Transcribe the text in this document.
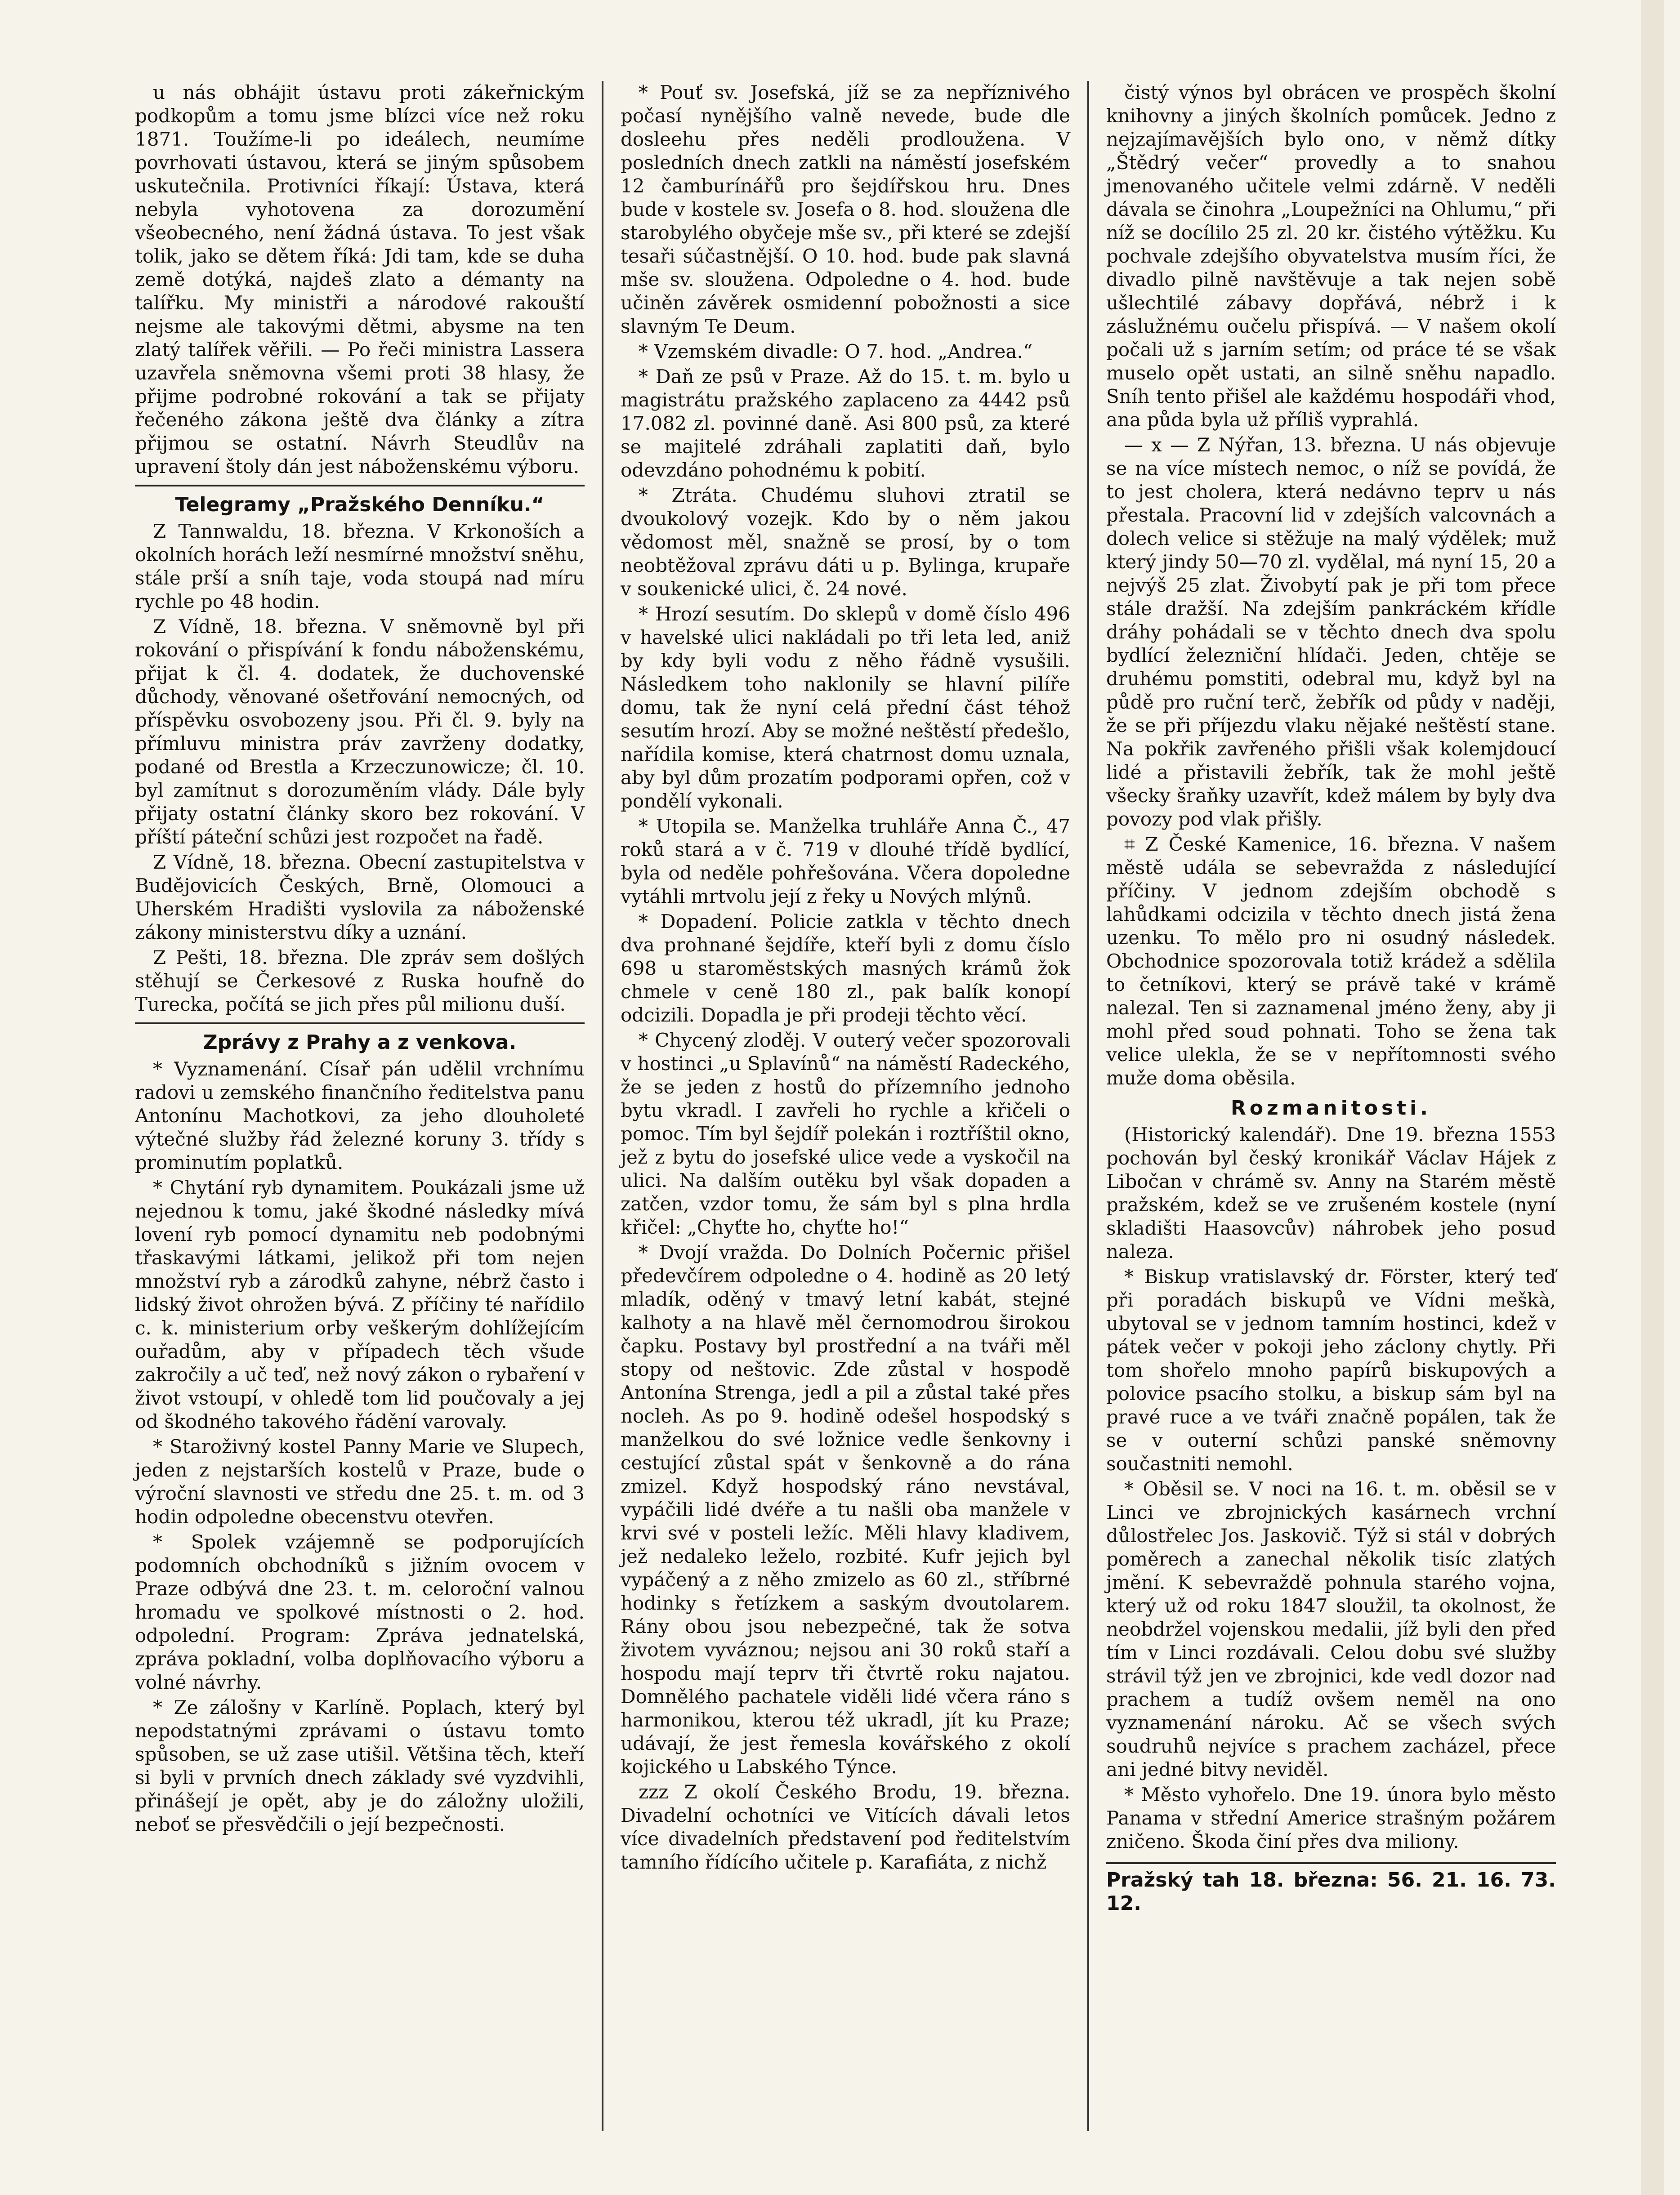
u nás obhájit ústavu proti zákeřnickým podkopům a tomu jsme blízci více než roku 1871. Toužíme-li po ideálech, neumíme povrhovati ústavou, která se jiným spůsobem uskutečnila. Protivníci říkají: Ústava, která nebyla vyhotovena za dorozumění všeobecného, není žádná ústava. To jest však tolik, jako se dětem říká: Jdi tam, kde se duha země dotýká, najdeš zlato a démanty na talířku. My ministři a národové rakouští nejsme ale takovými dětmi, abysme na ten zlatý talířek věřili. — Po řeči ministra Lassera uzavřela sněmovna všemi proti 38 hlasy, že přijme podrobné rokování a tak se přijaty řečeného zákona ještě dva články a zítra přijmou se ostatní. Návrh Steudlův na upravení štoly dán jest náboženskému výboru.

Telegramy „Pražského Denníku.“

Z Tannwaldu, 18. března. V Krkonoších a okolních horách leží nesmírné množství sněhu, stále prší a sníh taje, voda stoupá nad míru rychle po 48 hodin.

Z Vídně, 18. března. V sněmovně byl při rokování o přispívání k fondu náboženskému, přijat k čl. 4. dodatek, že duchovenské důchody, věnované ošetřování nemocných, od příspěvku osvobozeny jsou. Při čl. 9. byly na přímluvu ministra práv zavrženy dodatky, podané od Brestla a Krzeczunowicze; čl. 10. byl zamítnut s dorozuměním vlády. Dále byly přijaty ostatní články skoro bez rokování. V příští páteční schůzi jest rozpočet na řadě.

Z Vídně, 18. března. Obecní zastupitelstva v Budějovicích Českých, Brně, Olomouci a Uherském Hradišti vyslovila za náboženské zákony ministerstvu díky a uznání.

Z Pešti, 18. března. Dle zpráv sem došlých stěhují se Čerkesové z Ruska houfně do Turecka, počítá se jich přes půl milionu duší.

Zprávy z Prahy a z venkova.

* Vyznamenání. Císař pán udělil vrchnímu radovi u zemského finančního ředitelstva panu Antonínu Machotkovi, za jeho dlouholeté výtečné služby řád železné koruny 3. třídy s prominutím poplatků.

* Chytání ryb dynamitem. Poukázali jsme už nejednou k tomu, jaké škodné následky mívá lovení ryb pomocí dynamitu neb podobnými třaskavými látkami, jelikož při tom nejen množství ryb a zárodků zahyne, nébrž často i lidský život ohrožen bývá. Z příčiny té nařídilo c. k. ministerium orby veškerým dohlížejícím ouřadům, aby v případech těch všude zakročily a uč teď, než nový zákon o rybaření v život vstoupí, v ohledě tom lid poučovaly a jej od škodného takového řádění varovaly.

* Staroživný kostel Panny Marie ve Slupech, jeden z nejstarších kostelů v Praze, bude o výroční slavnosti ve středu dne 25. t. m. od 3 hodin odpoledne obecenstvu otevřen.

* Spolek vzájemně se podporujících podomních obchodníků s jižním ovocem v Praze odbývá dne 23. t. m. celoroční valnou hromadu ve spolkové místnosti o 2. hod. odpolední. Program: Zpráva jednatelská, zpráva pokladní, volba doplňovacího výboru a volné návrhy.

* Ze zálošny v Karlíně. Poplach, který byl nepodstatnými zprávami o ústavu tomto spůsoben, se už zase utišil. Většina těch, kteří si byli v prvních dnech základy své vyzdvihli, přinášejí je opět, aby je do záložny uložili, neboť se přesvědčili o její bezpečnosti.

* Pouť sv. Josefská, jíž se za nepříznivého počasí nynějšího valně nevede, bude dle dosleehu přes neděli prodloužena. V posledních dnech zatkli na náměstí josefském 12 čamburínářů pro šejdířskou hru. Dnes bude v kostele sv. Josefa o 8. hod. sloužena dle starobylého obyčeje mše sv., při které se zdejší tesaři súčastnější. O 10. hod. bude pak slavná mše sv. sloužena. Odpoledne o 4. hod. bude učiněn závěrek osmidenní pobožnosti a sice slavným Te Deum.

* Vzemském divadle: O 7. hod. „Andrea.“

* Daň ze psů v Praze. Až do 15. t. m. bylo u magistrátu pražského zaplaceno za 4442 psů 17.082 zl. povinné daně. Asi 800 psů, za které se majitelé zdráhali zaplatiti daň, bylo odevzdáno pohodnému k pobití.

* Ztráta. Chudému sluhovi ztratil se dvoukolový vozejk. Kdo by o něm jakou vědomost měl, snažně se prosí, by o tom neobtěžoval zprávu dáti u p. Bylinga, krupaře v soukenické ulici, č. 24 nové.

* Hrozí sesutím. Do sklepů v domě číslo 496 v havelské ulici nakládali po tři leta led, aniž by kdy byli vodu z něho řádně vysušili. Následkem toho naklonily se hlavní pilíře domu, tak že nyní celá přední část téhož sesutím hrozí. Aby se možné neštěstí předešlo, nařídila komise, která chatrnost domu uznala, aby byl dům prozatím podporami opřen, což v pondělí vykonali.

* Utopila se. Manželka truhláře Anna Č., 47 roků stará a v č. 719 v dlouhé třídě bydlící, byla od neděle pohřešována. Včera dopoledne vytáhli mrtvolu její z řeky u Nových mlýnů.

* Dopadení. Policie zatkla v těchto dnech dva prohnané šejdíře, kteří byli z domu číslo 698 u staroměstských masných krámů žok chmele v ceně 180 zl., pak balík konopí odcizili. Dopadla je při prodeji těchto věcí.

* Chycený zloděj. V outerý večer spozorovali v hostinci „u Splavínů“ na náměstí Radeckého, že se jeden z hostů do přízemního jednoho bytu vkradl. I zavřeli ho rychle a křičeli o pomoc. Tím byl šejdíř polekán i roztříštil okno, jež z bytu do josefské ulice vede a vyskočil na ulici. Na dalším outěku byl však dopaden a zatčen, vzdor tomu, že sám byl s plna hrdla křičel: „Chyťte ho, chyťte ho!“

* Dvojí vražda. Do Dolních Počernic přišel předevčírem odpoledne o 4. hodině as 20 letý mladík, oděný v tmavý letní kabát, stejné kalhoty a na hlavě měl černomodrou širokou čapku. Postavy byl prostřední a na tváři měl stopy od neštovic. Zde zůstal v hospodě Antonína Strenga, jedl a pil a zůstal také přes nocleh. As po 9. hodině odešel hospodský s manželkou do své ložnice vedle šenkovny i cestující zůstal spát v šenkovně a do rána zmizel. Když hospodský ráno nevstával, vypáčili lidé dvéře a tu našli oba manžele v krvi své v posteli ležíc. Měli hlavy kladivem, jež nedaleko leželo, rozbité. Kufr jejich byl vypáčený a z něho zmizelo as 60 zl., stříbrné hodinky s řetízkem a saským dvoutolarem. Rány obou jsou nebezpečné, tak že sotva životem vyváznou; nejsou ani 30 roků staří a hospodu mají teprv tři čtvrtě roku najatou. Domnělého pachatele viděli lidé včera ráno s harmonikou, kterou též ukradl, jít ku Praze; udávají, že jest řemesla kovářského z okolí kojického u Labského Týnce.

zzz Z okolí Českého Brodu, 19. března. Divadelní ochotníci ve Vitících dávali letos více divadelních představení pod ředitelstvím tamního řídícího učitele p. Karafiáta, z nichž

čistý výnos byl obrácen ve prospěch školní knihovny a jiných školních pomůcek. Jedno z nejzajímavějších bylo ono, v němž dítky „Štědrý večer“ provedly a to snahou jmenovaného učitele velmi zdárně. V neděli dávala se činohra „Loupežníci na Ohlumu,“ při níž se docílilo 25 zl. 20 kr. čistého výtěžku. Ku pochvale zdejšího obyvatelstva musím říci, že divadlo pilně navštěvuje a tak nejen sobě ušlechtilé zábavy dopřává, nébrž i k záslužnému oučelu přispívá. — V našem okolí počali už s jarním setím; od práce té se však muselo opět ustati, an silně sněhu napadlo. Sníh tento přišel ale každému hospodáři vhod, ana půda byla už příliš vyprahlá.

— x — Z Nýřan, 13. března. U nás objevuje se na více místech nemoc, o níž se povídá, že to jest cholera, která nedávno teprv u nás přestala. Pracovní lid v zdejších valcovnách a dolech velice si stěžuje na malý výdělek; muž který jindy 50—70 zl. vydělal, má nyní 15, 20 a nejvýš 25 zlat. Živobytí pak je při tom přece stále dražší. Na zdejším pankráckém křídle dráhy pohádali se v těchto dnech dva spolu bydlící železniční hlídači. Jeden, chtěje se druhému pomstiti, odebral mu, když byl na půdě pro ruční terč, žebřík od půdy v naději, že se při příjezdu vlaku nějaké neštěstí stane. Na pokřik zavřeného přišli však kolemjdoucí lidé a přistavili žebřík, tak že mohl ještě všecky šraňky uzavřít, kdež málem by byly dva povozy pod vlak přišly.

⌗ Z České Kamenice, 16. března. V našem městě udála se sebevražda z následující příčiny. V jednom zdejším obchodě s lahůdkami odcizila v těchto dnech jistá žena uzenku. To mělo pro ni osudný následek. Obchodnice spozorovala totiž krádež a sdělila to četníkovi, který se právě také v krámě nalezal. Ten si zaznamenal jméno ženy, aby ji mohl před soud pohnati. Toho se žena tak velice ulekla, že se v nepřítomnosti svého muže doma oběsila.

Rozmanitosti.

(Historický kalendář). Dne 19. března 1553 pochován byl český kronikář Václav Hájek z Libočan v chrámě sv. Anny na Starém městě pražském, kdež se ve zrušeném kostele (nyní skladišti Haasovcův) náhrobek jeho posud naleza.

* Biskup vratislavský dr. Förster, který teď při poradách biskupů ve Vídni meškà, ubytoval se v jednom tamním hostinci, kdež v pátek večer v pokoji jeho záclony chytly. Při tom shořelo mnoho papírů biskupových a polovice psacího stolku, a biskup sám byl na pravé ruce a ve tváři značně popálen, tak že se v outerní schůzi panské sněmovny součastniti nemohl.

* Oběsil se. V noci na 16. t. m. oběsil se v Linci ve zbrojnických kasárnech vrchní důlostřelec Jos. Jaskovič. Týž si stál v dobrých poměrech a zanechal několik tisíc zlatých jmění. K sebevraždě pohnula starého vojna, který už od roku 1847 sloužil, ta okolnost, že neobdržel vojenskou medalii, jíž byli den před tím v Linci rozdávali. Celou dobu své služby strávil týž jen ve zbrojnici, kde vedl dozor nad prachem a tudíž ovšem neměl na ono vyznamenání nároku. Ač se všech svých soudruhů nejvíce s prachem zacházel, přece ani jedné bitvy neviděl.

* Město vyhořelo. Dne 19. února bylo město Panama v střední Americe strašným požárem zničeno. Škoda činí přes dva miliony.

Pražský tah 18. března: 56. 21. 16. 73. 12.
